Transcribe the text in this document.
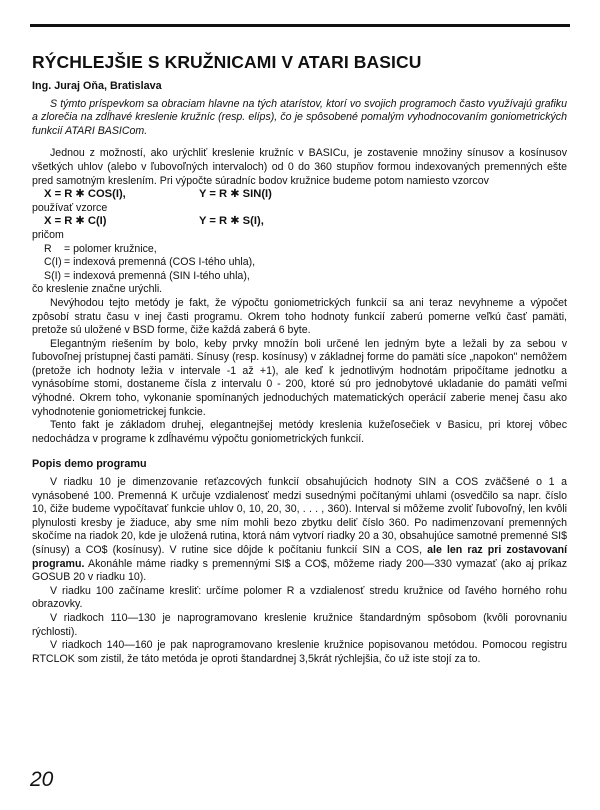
RÝCHLEJŠIE S KRUŽNICAMI V ATARI BASICU
Ing. Juraj Oňa, Bratislava

S týmto príspevkom sa obraciam hlavne na tých atarístov, ktorí vo svojich programoch často využívajú grafiku a zlorečia na zdĺhavé kreslenie kružníc (resp. elíps), čo je spôsobené pomalým vyhodnocovaním goniometrických funkcií ATARI BASICom.

Jednou z možností, ako urýchliť kreslenie kružníc v BASICu, je zostavenie množiny sínusov a kosínusov všetkých uhlov (alebo v ľubovoľných intervaloch) od 0 do 360 stupňov formou indexovaných premenných ešte pred samotným kreslením. Pri výpočte súradníc bodov kružnice budeme potom namiesto vzorcov

X = R ✱ COS(I),	Y = R ✱ SIN(I)

používať vzorce

X = R ✱ C(I)	Y = R ✱ S(I),

pričom

R	= polomer kružnice,
C(I) = indexová premenná (COS I-tého uhla),
S(I) = indexová premenná (SIN I-tého uhla),

čo kreslenie značne urýchli.

Nevýhodou tejto metódy je fakt, že výpočtu goniometrických funkcií sa ani teraz nevyhneme a výpočet zpôsobí stratu času v inej časti programu. Okrem toho hodnoty funkcií zaberú pomerne veľkú časť pamäti, pretože sú uložené v BSD forme, čiže každá zaberá 6 byte.

Elegantným riešením by bolo, keby prvky množín boli určené len jedným byte a ležali by za sebou v ľubovoľnej prístupnej časti pamäti. Sínusy (resp. kosínusy) v základnej forme do pamäti síce „napokon" nemôžem (pretože ich hodnoty ležia v intervale -1 až +1), ale keď k jednotlivým hodnotám pripočítame jednotku a vynásobíme stomi, dostaneme čísla z intervalu 0 - 200, ktoré sú pro jednobytové ukladanie do pamäti veľmi výhodné. Okrem toho, vykonanie spomínaných jednoduchých matematických operácií zaberie menej času ako vyhodnotenie goniometrickej funkcie.

Tento fakt je základom druhej, elegantnejšej metódy kreslenia kužeľosečiek v Basicu, pri ktorej vôbec nedochádza v programe k zdĺhavému výpočtu goniometrických funkcií.

Popis demo programu

V riadku 10 je dimenzovanie reťazcových funkcií obsahujúcich hodnoty SIN a COS zväčšené o 1 a vynásobené 100. Premenná K určuje vzdialenosť medzi susednými počítanými uhlami (osvedčilo sa napr. číslo 10, čiže budeme vypočítavať funkcie uhlov 0, 10, 20, 30, . . . , 360). Interval si môžeme zvoliť ľubovoľný, len kvôli plynulosti kresby je žiaduce, aby sme ním mohli bezo zbytku deliť číslo 360. Po nadimenzovaní premenných skočíme na riadok 20, kde je uložená rutina, ktorá nám vytvorí riadky 20 a 30, obsahujúce samotné premenné SI$ (sínusy) a CO$ (kosínusy). V rutine sice dôjde k počítaniu funkcií SIN a COS, ale len raz pri zostavovaní programu. Akonáhle máme riadky s premennými SI$ a CO$, môžeme riady 200—330 vymazať (ako aj príkaz GOSUB 20 v riadku 10).

V riadku 100 začíname kresliť: určíme polomer R a vzdialenosť stredu kružnice od ľavého horného rohu obrazovky.

V riadkoch 110—130 je naprogramovano kreslenie kružnice štandardným spôsobom (kvôli porovnaniu rýchlosti).

V riadkoch 140—160 je pak naprogramovano kreslenie kružnice popisovanou metódou. Pomocou registru RTCLOK som zistil, že táto metóda je oproti štandardnej 3,5krát rýchlejšia, čo už iste stojí za to.

20
